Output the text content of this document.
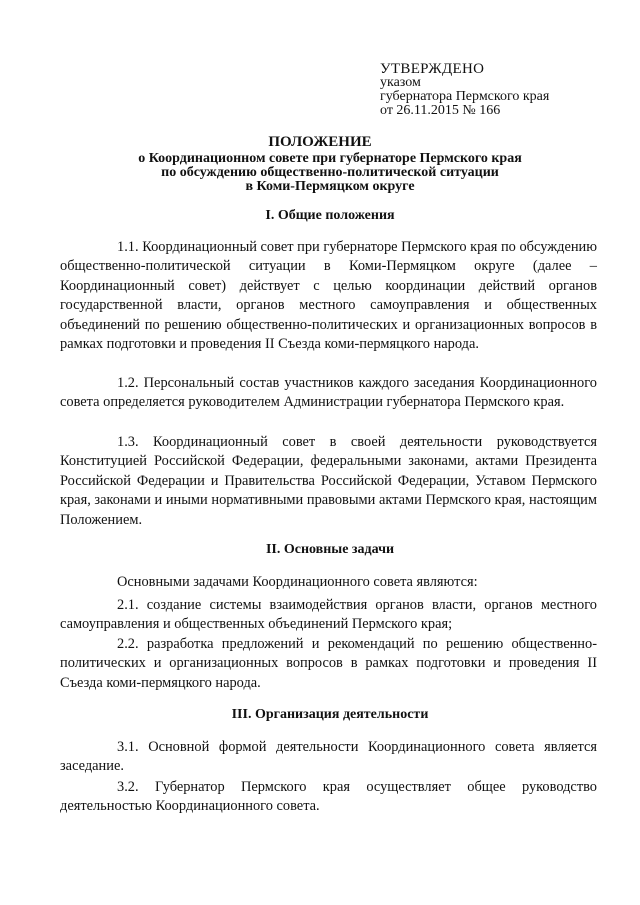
УТВЕРЖДЕНО
указом
губернатора Пермского края
от 26.11.2015 № 166
ПОЛОЖЕНИЕ
о Координационном совете при губернаторе Пермского края
по обсуждению общественно-политической ситуации
в Коми-Пермяцком округе
I. Общие положения
1.1. Координационный совет при губернаторе Пермского края по обсуждению общественно-политической ситуации в Коми-Пермяцком округе (далее – Координационный совет) действует с целью координации действий органов государственной власти, органов местного самоуправления и общественных объединений по решению общественно-политических и организационных вопросов в рамках подготовки и проведения II Съезда коми-пермяцкого народа.
1.2. Персональный состав участников каждого заседания Координационного совета определяется руководителем Администрации губернатора Пермского края.
1.3. Координационный совет в своей деятельности руководствуется Конституцией Российской Федерации, федеральными законами, актами Президента Российской Федерации и Правительства Российской Федерации, Уставом Пермского края, законами и иными нормативными правовыми актами Пермского края, настоящим Положением.
II. Основные задачи
Основными задачами Координационного совета являются:
2.1. создание системы взаимодействия органов власти, органов местного самоуправления и общественных объединений Пермского края;
2.2. разработка предложений и рекомендаций по решению общественно-политических и организационных вопросов в рамках подготовки и проведения II Съезда коми-пермяцкого народа.
III. Организация деятельности
3.1. Основной формой деятельности Координационного совета является заседание.
3.2. Губернатор Пермского края осуществляет общее руководство деятельностью Координационного совета.
